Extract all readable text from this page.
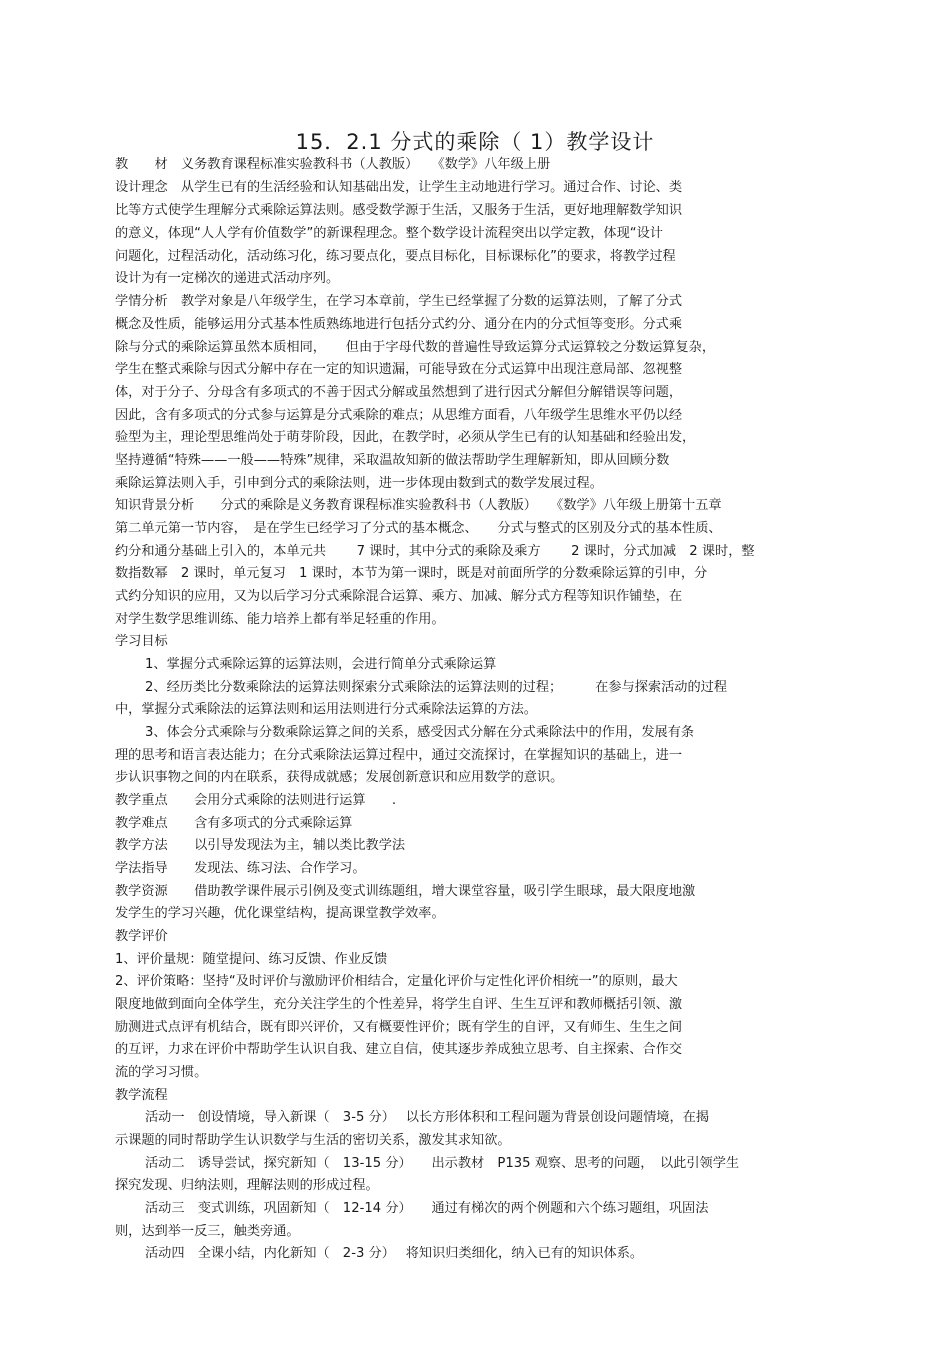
15．2.1 分式的乘除（ 1）教学设计
教　　材　义务教育课程标准实验教科书（人教版）　　《数学》八年级上册
设计理念　从学生已有的生活经验和认知基础出发，让学生主动地进行学习。通过合作、讨论、类
比等方式使学生理解分式乘除运算法则。感受数学源于生活，又服务于生活，更好地理解数学知识
的意义，体现“人人学有价值数学”的新课程理念。整个数学设计流程突出以学定教，体现“设计
问题化，过程活动化，活动练习化，练习要点化，要点目标化，目标课标化”的要求，将教学过程
设计为有一定梯次的递进式活动序列。
学情分析　教学对象是八年级学生，在学习本章前，学生已经掌握了分数的运算法则，了解了分式
概念及性质，能够运用分式基本性质熟练地进行包括分式约分、通分在内的分式恒等变形。分式乘
除与分式的乘除运算虽然本质相同，　　但由于字母代数的普遍性导致运算分式运算较之分数运算复杂，
学生在整式乘除与因式分解中存在一定的知识遗漏，可能导致在分式运算中出现注意局部、忽视整
体，对于分子、分母含有多项式的不善于因式分解或虽然想到了进行因式分解但分解错误等问题，
因此，含有多项式的分式参与运算是分式乘除的难点；从思维方面看，八年级学生思维水平仍以经
验型为主，理论型思维尚处于萌芽阶段，因此，在教学时，必须从学生已有的认知基础和经验出发，
坚持遵循“特殊——一般——特殊”规律，采取温故知新的做法帮助学生理解新知，即从回顾分数
乘除运算法则入手，引申到分式的乘除法则，进一步体现由数到式的数学发展过程。
知识背景分析　　分式的乘除是义务教育课程标准实验教科书（人教版）　　《数学》八年级上册第十五章
第二单元第一节内容，　是在学生已经学习了分式的基本概念、　　分式与整式的区别及分式的基本性质、
约分和通分基础上引入的，本单元共　　 7 课时，其中分式的乘除及乘方　　 2 课时，分式加减　2 课时，整
数指数幂　2 课时，单元复习　1 课时，本节为第一课时，既是对前面所学的分数乘除运算的引申，分
式约分知识的应用，又为以后学习分式乘除混合运算、乘方、加减、解分式方程等知识作铺垫，在
对学生数学思维训练、能力培养上都有举足轻重的作用。
学习目标
1、掌握分式乘除运算的运算法则，会进行简单分式乘除运算
2、经历类比分数乘除法的运算法则探索分式乘除法的运算法则的过程；　　　在参与探索活动的过程
中，掌握分式乘除法的运算法则和运用法则进行分式乘除法运算的方法。
3、体会分式乘除与分数乘除运算之间的关系，感受因式分解在分式乘除法中的作用，发展有条
理的思考和语言表达能力；在分式乘除法运算过程中，通过交流探讨，在掌握知识的基础上，进一
步认识事物之间的内在联系，获得成就感；发展创新意识和应用数学的意识。
教学重点　　会用分式乘除的法则进行运算　　.
教学难点　　含有多项式的分式乘除运算
教学方法　　以引导发现法为主，辅以类比教学法
学法指导　　发现法、练习法、合作学习。
教学资源　　借助教学课件展示引例及变式训练题组，增大课堂容量，吸引学生眼球，最大限度地激
发学生的学习兴趣，优化课堂结构，提高课堂教学效率。
教学评价
1、评价量规：随堂提问、练习反馈、作业反馈
2、评价策略：坚持“及时评价与激励评价相结合，定量化评价与定性化评价相统一”的原则，最大
限度地做到面向全体学生，充分关注学生的个性差异，将学生自评、生生互评和教师概括引领、激
励测进式点评有机结合，既有即兴评价，又有概要性评价；既有学生的自评，又有师生、生生之间
的互评，力求在评价中帮助学生认识自我、建立自信，使其逐步养成独立思考、自主探索、合作交
流的学习习惯。
教学流程
活动一　创设情境，导入新课（　3-5 分）　 以长方形体积和工程问题为背景创设问题情境，在揭
示课题的同时帮助学生认识数学与生活的密切关系，激发其求知欲。
活动二　诱导尝试，探究新知（　13-15 分）　　出示教材　P135 观察、思考的问题，　以此引领学生
探究发现、归纳法则，理解法则的形成过程。
活动三　变式训练，巩固新知（　12-14 分）　　通过有梯次的两个例题和六个练习题组，巩固法
则，达到举一反三，触类旁通。
活动四　全课小结，内化新知（　2-3 分）　 将知识归类细化，纳入已有的知识体系。
